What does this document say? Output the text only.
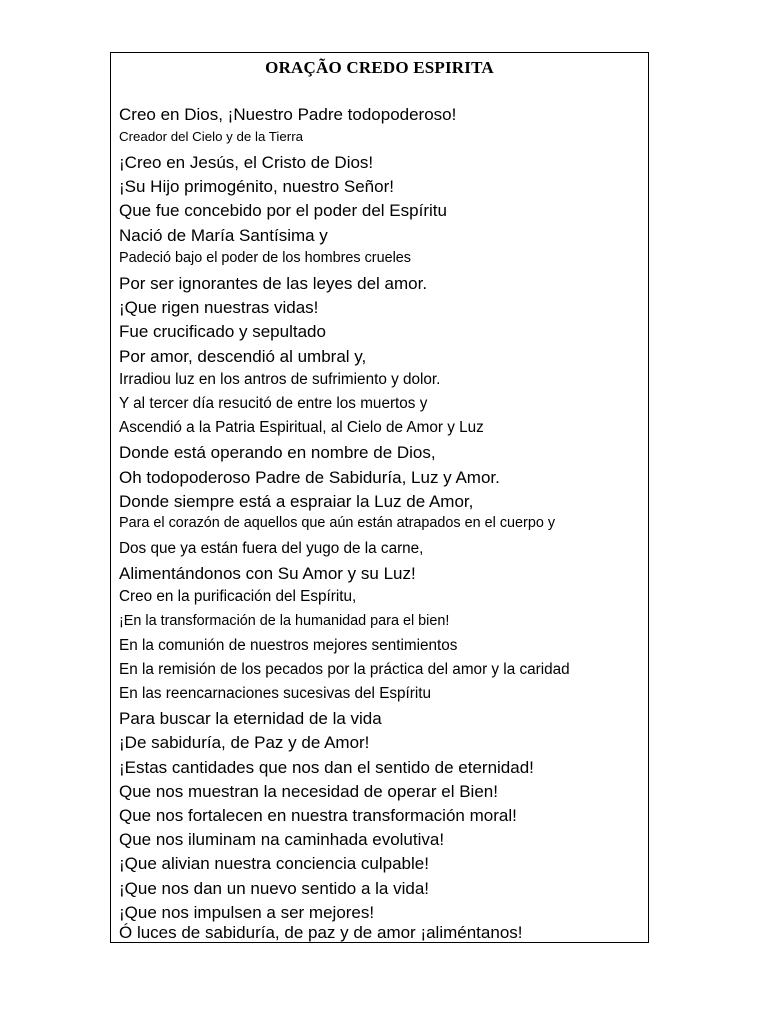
ORAÇÃO CREDO ESPIRITA
Creo en Dios, ¡Nuestro Padre todopoderoso!
Creador del Cielo y de la Tierra
¡Creo en Jesús, el Cristo de Dios!
¡Su Hijo primogénito, nuestro Señor!
Que fue concebido por el poder del Espíritu
Nació de María Santísima y
Padeció bajo el poder de los hombres crueles
Por ser ignorantes de las leyes del amor.
¡Que rigen nuestras vidas!
Fue crucificado y sepultado
Por amor, descendió al umbral y,
Irradiou luz en los antros de sufrimiento y dolor.
Y al tercer día resucitó de entre los muertos y
Ascendió a la Patria Espiritual, al Cielo de Amor y Luz
Donde está operando en nombre de Dios,
Oh todopoderoso Padre de Sabiduría, Luz y Amor.
Donde siempre está a espraiar la Luz de Amor,
Para el corazón de aquellos que aún están atrapados en el cuerpo y
Dos que ya están fuera del yugo de la carne,
Alimentándonos con Su Amor y su Luz!
Creo en la purificación del Espíritu,
¡En la transformación de la humanidad para el bien!
En la comunión de nuestros mejores sentimientos
En la remisión de los pecados por la práctica del amor y la caridad
En las reencarnaciones sucesivas del Espíritu
Para buscar la eternidad de la vida
¡De sabiduría, de Paz y de Amor!
¡Estas cantidades que nos dan el sentido de eternidad!
Que nos muestran la necesidad de operar el Bien!
Que nos fortalecen en nuestra transformación moral!
Que nos iluminam na caminhada evolutiva!
¡Que alivian nuestra conciencia culpable!
¡Que nos dan un nuevo sentido a la vida!
¡Que nos impulsen a ser mejores!
Ó luces de sabiduría, de paz y de amor ¡aliméntanos!
